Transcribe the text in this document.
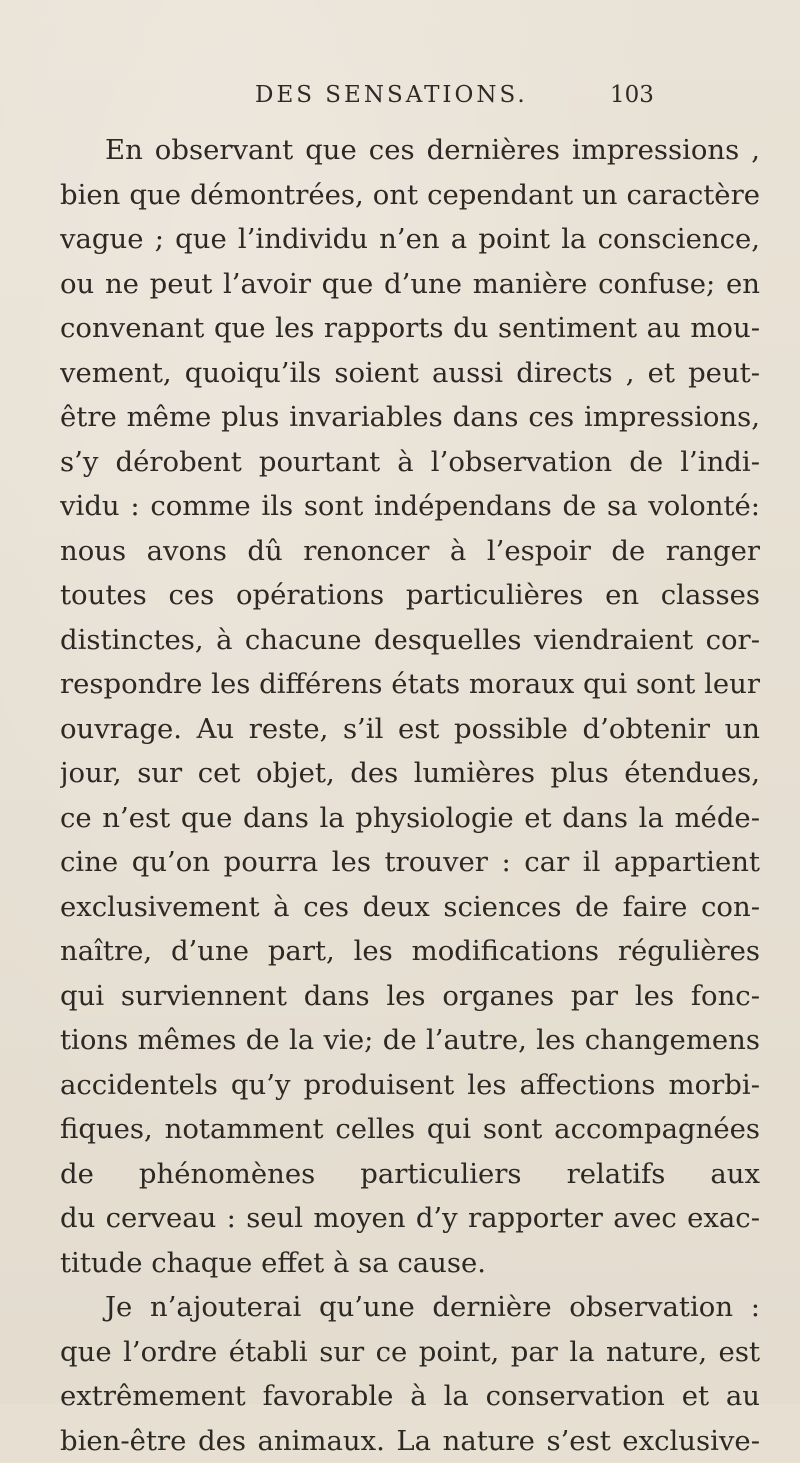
DES SENSATIONS.	103
En observant que ces dernières impressions ,
bien que démontrées, ont cependant un caractère
vague ; que l’individu n’en a point la conscience,
ou ne peut l’avoir que d’une manière confuse; en
convenant que les rapports du sentiment au mou-
vement, quoiqu’ils soient aussi directs , et peut-
être même plus invariables dans ces impressions,
s’y dérobent pourtant à l’observation de l’indi-
vidu : comme ils sont indépendans de sa volonté:
nous avons dû renoncer à l’espoir de ranger
toutes ces opérations particulières en classes
distinctes, à chacune desquelles viendraient cor-
respondre les différens états moraux qui sont leur
ouvrage. Au reste, s’il est possible d’obtenir un
jour, sur cet objet, des lumières plus étendues,
ce n’est que dans la physiologie et dans la méde-
cine qu’on pourra les trouver : car il appartient
exclusivement à ces deux sciences de faire con-
naître, d’une part, les modifications régulières
qui surviennent dans les organes par les fonc-
tions mêmes de la vie; de l’autre, les changemens
accidentels qu’y produisent les affections morbi-
fiques, notamment celles qui sont accompagnées
de phénomènes particuliers relatifs aux
du cerveau : seul moyen d’y rapporter avec exac-
titude chaque effet à sa cause.
Je n’ajouterai qu’une dernière observation :
que l’ordre établi sur ce point, par la nature, est
extrêmement favorable à la conservation et au
bien-être des animaux. La nature s’est exclusive-
